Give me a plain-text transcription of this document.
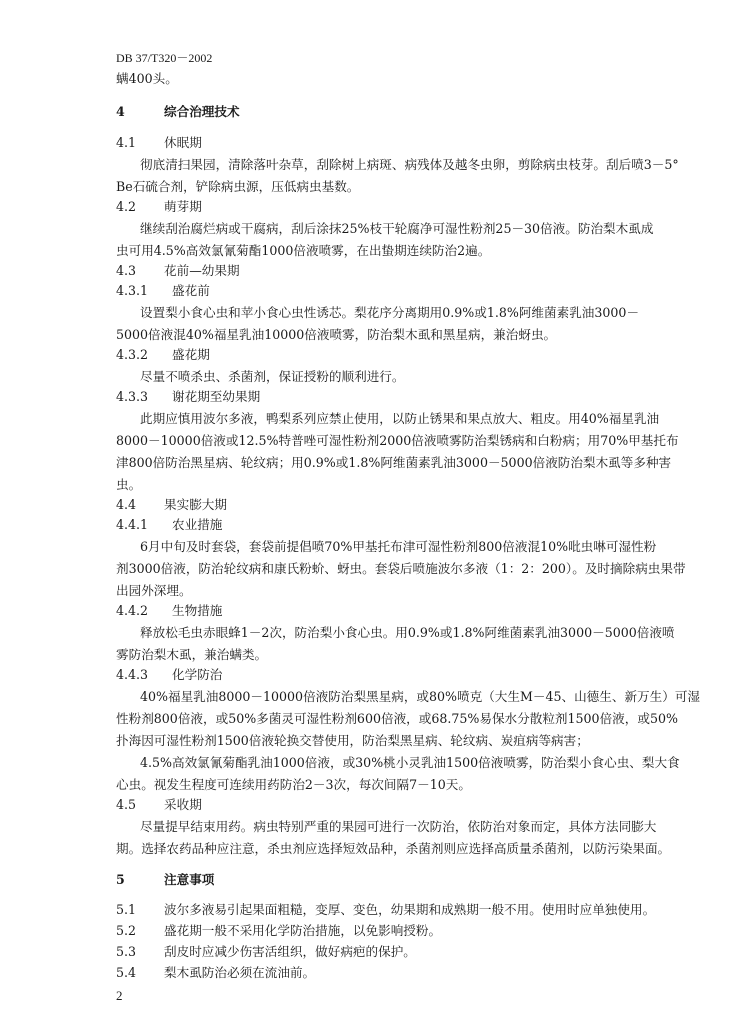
DB 37/T320－2002
螨400头。
4	综合治理技术
4.1 休眠期
彻底清扫果园，清除落叶杂草，刮除树上病斑、病残体及越冬虫卵，剪除病虫枝芽。刮后喷3－5°
Be石硫合剂，铲除病虫源，压低病虫基数。
4.2 萌芽期
继续刮治腐烂病或干腐病，刮后涂抹25%枝干轮腐净可湿性粉剂25－30倍液。防治梨木虱成
虫可用4.5%高效氯氰菊酯1000倍液喷雾，在出蛰期连续防治2遍。
4.3 花前—幼果期
4.3.1 盛花前
设置梨小食心虫和苹小食心虫性诱芯。梨花序分离期用0.9%或1.8%阿维菌素乳油3000－
5000倍液混40%福星乳油10000倍液喷雾，防治梨木虱和黑星病，兼治蚜虫。
4.3.2 盛花期
尽量不喷杀虫、杀菌剂，保证授粉的顺利进行。
4.3.3 谢花期至幼果期
此期应慎用波尔多液，鸭梨系列应禁止使用，以防止锈果和果点放大、粗皮。用40%福星乳油
8000－10000倍液或12.5%特普唑可湿性粉剂2000倍液喷雾防治梨锈病和白粉病；用70%甲基托布
津800倍防治黑星病、轮纹病；用0.9%或1.8%阿维菌素乳油3000－5000倍液防治梨木虱等多种害
虫。
4.4 果实膨大期
4.4.1 农业措施
6月中旬及时套袋，套袋前提倡喷70%甲基托布津可湿性粉剂800倍液混10%吡虫啉可湿性粉
剂3000倍液，防治轮纹病和康氏粉蚧、蚜虫。套袋后喷施波尔多液（1：2：200）。及时摘除病虫果带
出园外深埋。
4.4.2 生物措施
释放松毛虫赤眼蜂1－2次，防治梨小食心虫。用0.9%或1.8%阿维菌素乳油3000－5000倍液喷
雾防治梨木虱，兼治螨类。
4.4.3 化学防治
40%福星乳油8000－10000倍液防治梨黑星病，或80%喷克（大生M－45、山德生、新万生）可湿
性粉剂800倍液，或50%多菌灵可湿性粉剂600倍液，或68.75%易保水分散粒剂1500倍液，或50%
扑海因可湿性粉剂1500倍液轮换交替使用，防治梨黑星病、轮纹病、炭疽病等病害；
4.5%高效氯氰菊酯乳油1000倍液，或30%桃小灵乳油1500倍液喷雾，防治梨小食心虫、梨大食
心虫。视发生程度可连续用药防治2－3次，每次间隔7－10天。
4.5 采收期
尽量提早结束用药。病虫特别严重的果园可进行一次防治，依防治对象而定，具体方法同膨大
期。选择农药品种应注意，杀虫剂应选择短效品种，杀菌剂则应选择高质量杀菌剂，以防污染果面。
5	注意事项
5.1 波尔多液易引起果面粗糙，变厚、变色，幼果期和成熟期一般不用。使用时应单独使用。
5.2 盛花期一般不采用化学防治措施，以免影响授粉。
5.3 刮皮时应减少伤害活组织，做好病疤的保护。
5.4 梨木虱防治必须在流油前。
2
